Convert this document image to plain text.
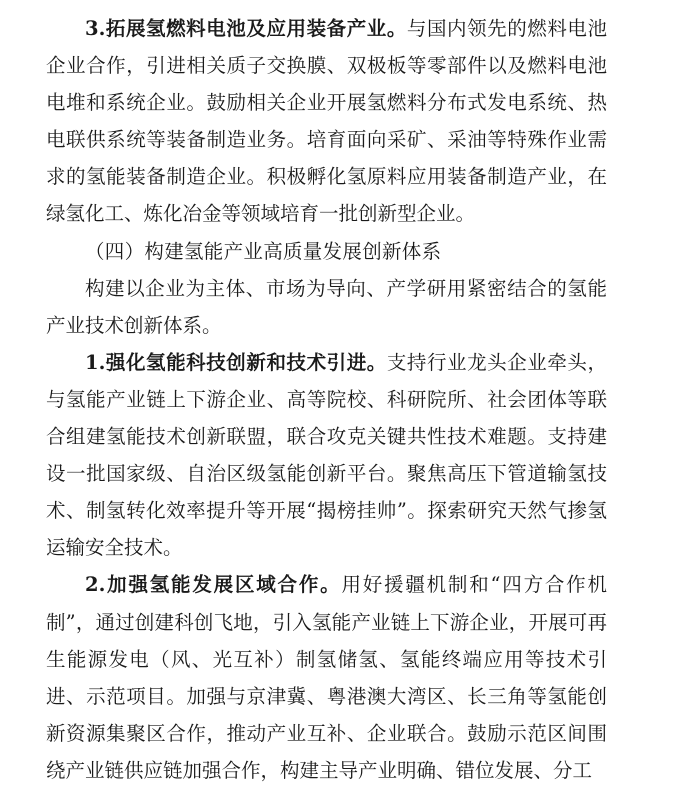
3.拓展氢燃料电池及应用装备产业。与国内领先的燃料电池企业合作，引进相关质子交换膜、双极板等零部件以及燃料电池电堆和系统企业。鼓励相关企业开展氢燃料分布式发电系统、热电联供系统等装备制造业务。培育面向采矿、采油等特殊作业需求的氢能装备制造企业。积极孵化氢原料应用装备制造产业，在绿氢化工、炼化冶金等领域培育一批创新型企业。

（四）构建氢能产业高质量发展创新体系

构建以企业为主体、市场为导向、产学研用紧密结合的氢能产业技术创新体系。

1.强化氢能科技创新和技术引进。支持行业龙头企业牵头，与氢能产业链上下游企业、高等院校、科研院所、社会团体等联合组建氢能技术创新联盟，联合攻克关键共性技术难题。支持建设一批国家级、自治区级氢能创新平台。聚焦高压下管道输氢技术、制氢转化效率提升等开展“揭榜挂帅”。探索研究天然气掺氢运输安全技术。

2.加强氢能发展区域合作。用好援疆机制和“四方合作机制”，通过创建科创飞地，引入氢能产业链上下游企业，开展可再生能源发电（风、光互补）制氢储氢、氢能终端应用等技术引进、示范项目。加强与京津冀、粤港澳大湾区、长三角等氢能创新资源集聚区合作，推动产业互补、企业联合。鼓励示范区间围绕产业链供应链加强合作，构建主导产业明确、错位发展、分工
